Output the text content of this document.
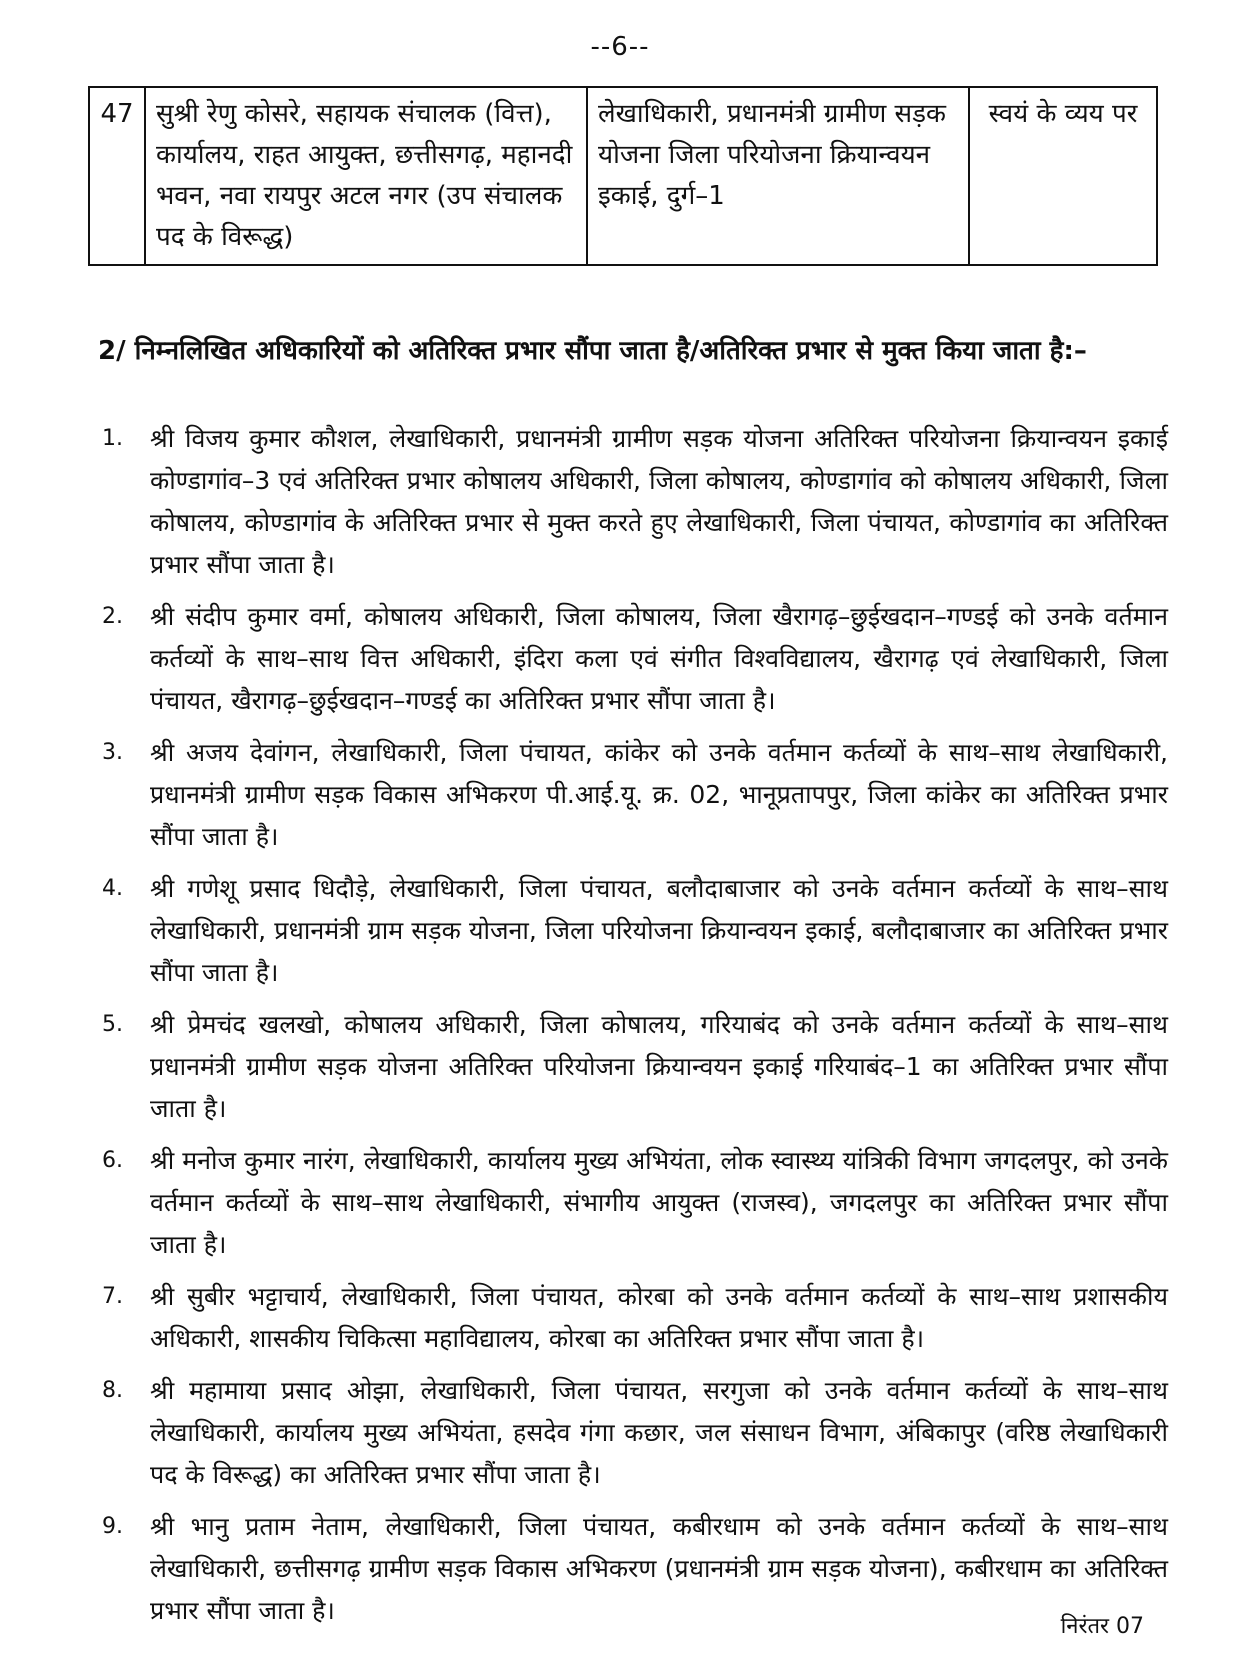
--6--
47	सुश्री रेणु कोसरे, सहायक संचालक (वित्त), कार्यालय, राहत आयुक्त, छत्तीसगढ़, महानदी भवन, नवा रायपुर अटल नगर (उप संचालक पद के विरूद्ध)	लेखाधिकारी, प्रधानमंत्री ग्रामीण सड़क योजना जिला परियोजना क्रियान्वयन इकाई, दुर्ग–1	स्वयं के व्यय पर
2/ निम्नलिखित अधिकारियों को अतिरिक्त प्रभार सौंपा जाता है/अतिरिक्त प्रभार से मुक्त किया जाता है:–
1.	श्री विजय कुमार कौशल, लेखाधिकारी, प्रधानमंत्री ग्रामीण सड़क योजना अतिरिक्त परियोजना क्रियान्वयन इकाई कोण्डागांव–3 एवं अतिरिक्त प्रभार कोषालय अधिकारी, जिला कोषालय, कोण्डागांव को कोषालय अधिकारी, जिला कोषालय, कोण्डागांव के अतिरिक्त प्रभार से मुक्त करते हुए लेखाधिकारी, जिला पंचायत, कोण्डागांव का अतिरिक्त प्रभार सौंपा जाता है।
2.	श्री संदीप कुमार वर्मा, कोषालय अधिकारी, जिला कोषालय, जिला खैरागढ़–छुईखदान–गण्डई को उनके वर्तमान कर्तव्यों के साथ–साथ वित्त अधिकारी, इंदिरा कला एवं संगीत विश्वविद्यालय, खैरागढ़ एवं लेखाधिकारी, जिला पंचायत, खैरागढ़–छुईखदान–गण्डई का अतिरिक्त प्रभार सौंपा जाता है।
3.	श्री अजय देवांगन, लेखाधिकारी, जिला पंचायत, कांकेर को उनके वर्तमान कर्तव्यों के साथ–साथ लेखाधिकारी, प्रधानमंत्री ग्रामीण सड़क विकास अभिकरण पी.आई.यू. क्र. 02, भानूप्रतापपुर, जिला कांकेर का अतिरिक्त प्रभार सौंपा जाता है।
4.	श्री गणेशू प्रसाद धिदौड़े, लेखाधिकारी, जिला पंचायत, बलौदाबाजार को उनके वर्तमान कर्तव्यों के साथ–साथ लेखाधिकारी, प्रधानमंत्री ग्राम सड़क योजना, जिला परियोजना क्रियान्वयन इकाई, बलौदाबाजार का अतिरिक्त प्रभार सौंपा जाता है।
5.	श्री प्रेमचंद खलखो, कोषालय अधिकारी, जिला कोषालय, गरियाबंद को उनके वर्तमान कर्तव्यों के साथ–साथ प्रधानमंत्री ग्रामीण सड़क योजना अतिरिक्त परियोजना क्रियान्वयन इकाई गरियाबंद–1 का अतिरिक्त प्रभार सौंपा जाता है।
6.	श्री मनोज कुमार नारंग, लेखाधिकारी, कार्यालय मुख्य अभियंता, लोक स्वास्थ्य यांत्रिकी विभाग जगदलपुर, को उनके वर्तमान कर्तव्यों के साथ–साथ लेखाधिकारी, संभागीय आयुक्त (राजस्व), जगदलपुर का अतिरिक्त प्रभार सौंपा जाता है।
7.	श्री सुबीर भट्टाचार्य, लेखाधिकारी, जिला पंचायत, कोरबा को उनके वर्तमान कर्तव्यों के साथ–साथ प्रशासकीय अधिकारी, शासकीय चिकित्सा महाविद्यालय, कोरबा का अतिरिक्त प्रभार सौंपा जाता है।
8.	श्री महामाया प्रसाद ओझा, लेखाधिकारी, जिला पंचायत, सरगुजा को उनके वर्तमान कर्तव्यों के साथ–साथ लेखाधिकारी, कार्यालय मुख्य अभियंता, हसदेव गंगा कछार, जल संसाधन विभाग, अंबिकापुर (वरिष्ठ लेखाधिकारी पद के विरूद्ध) का अतिरिक्त प्रभार सौंपा जाता है।
9.	श्री भानु प्रताम नेताम, लेखाधिकारी, जिला पंचायत, कबीरधाम को उनके वर्तमान कर्तव्यों के साथ–साथ लेखाधिकारी, छत्तीसगढ़ ग्रामीण सड़क विकास अभिकरण (प्रधानमंत्री ग्राम सड़क योजना), कबीरधाम का अतिरिक्त प्रभार सौंपा जाता है।
निरंतर 07
